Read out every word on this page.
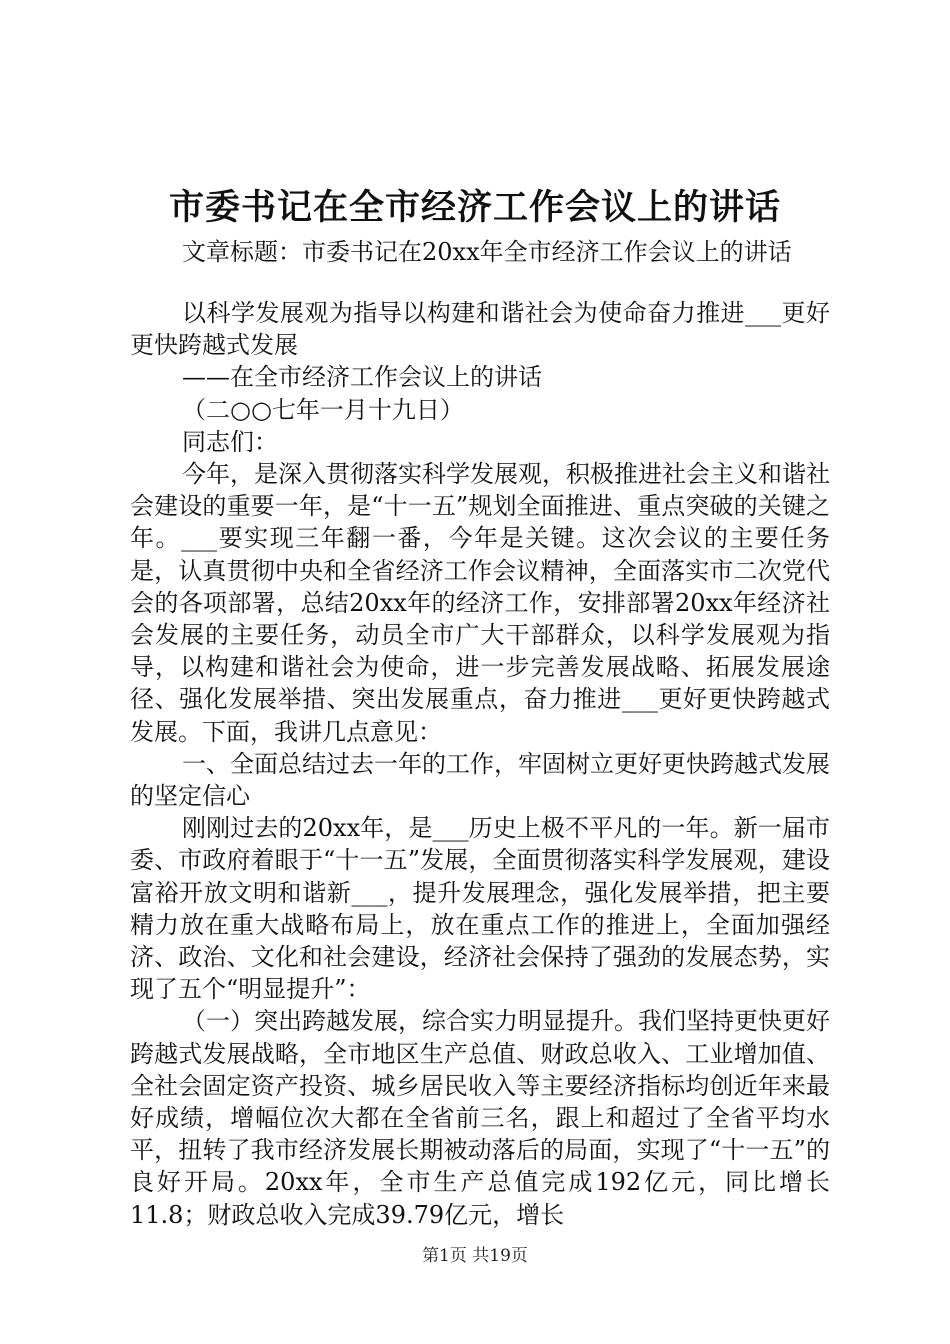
市委书记在全市经济工作会议上的讲话
文章标题：市委书记在20xx年全市经济工作会议上的讲话

以科学发展观为指导以构建和谐社会为使命奋力推进___更好更快跨越式发展

——在全市经济工作会议上的讲话

（二○○七年一月十九日）

同志们：

今年，是深入贯彻落实科学发展观，积极推进社会主义和谐社会建设的重要一年，是“十一五”规划全面推进、重点突破的关键之年。___要实现三年翻一番，今年是关键。这次会议的主要任务是，认真贯彻中央和全省经济工作会议精神，全面落实市二次党代会的各项部署，总结20xx年的经济工作，安排部署20xx年经济社会发展的主要任务，动员全市广大干部群众，以科学发展观为指导，以构建和谐社会为使命，进一步完善发展战略、拓展发展途径、强化发展举措、突出发展重点，奋力推进___更好更快跨越式发展。下面，我讲几点意见：

一、全面总结过去一年的工作，牢固树立更好更快跨越式发展的坚定信心

刚刚过去的20xx年，是___历史上极不平凡的一年。新一届市委、市政府着眼于“十一五”发展，全面贯彻落实科学发展观，建设富裕开放文明和谐新___，提升发展理念，强化发展举措，把主要精力放在重大战略布局上，放在重点工作的推进上，全面加强经济、政治、文化和社会建设，经济社会保持了强劲的发展态势，实现了五个“明显提升”：

（一）突出跨越发展，综合实力明显提升。我们坚持更快更好跨越式发展战略，全市地区生产总值、财政总收入、工业增加值、全社会固定资产投资、城乡居民收入等主要经济指标均创近年来最好成绩，增幅位次大都在全省前三名，跟上和超过了全省平均水平，扭转了我市经济发展长期被动落后的局面，实现了“十一五”的良好开局。20xx年，全市生产总值完成192亿元，同比增长11.8；财政总收入完成39.79亿元，增长

第1页 共19页
